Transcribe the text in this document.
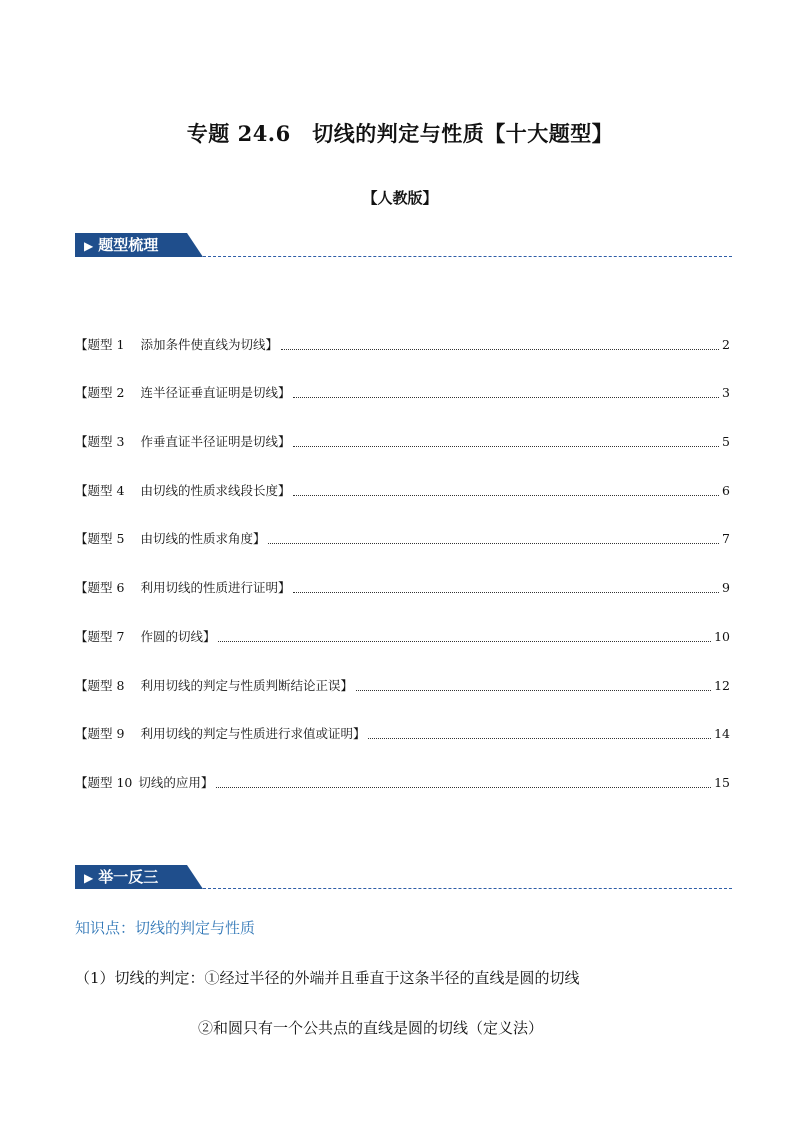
专题 24.6　切线的判定与性质【十大题型】
【人教版】
▶ 题型梳理
【题型 1 添加条件使直线为切线】	2
【题型 2 连半径证垂直证明是切线】	3
【题型 3 作垂直证半径证明是切线】	5
【题型 4 由切线的性质求线段长度】	6
【题型 5 由切线的性质求角度】	7
【题型 6 利用切线的性质进行证明】	9
【题型 7 作圆的切线】	10
【题型 8 利用切线的判定与性质判断结论正误】	12
【题型 9 利用切线的判定与性质进行求值或证明】	14
【题型 10 切线的应用】	15
▶ 举一反三
知识点：切线的判定与性质
（1）切线的判定：①经过半径的外端并且垂直于这条半径的直线是圆的切线
②和圆只有一个公共点的直线是圆的切线（定义法）
